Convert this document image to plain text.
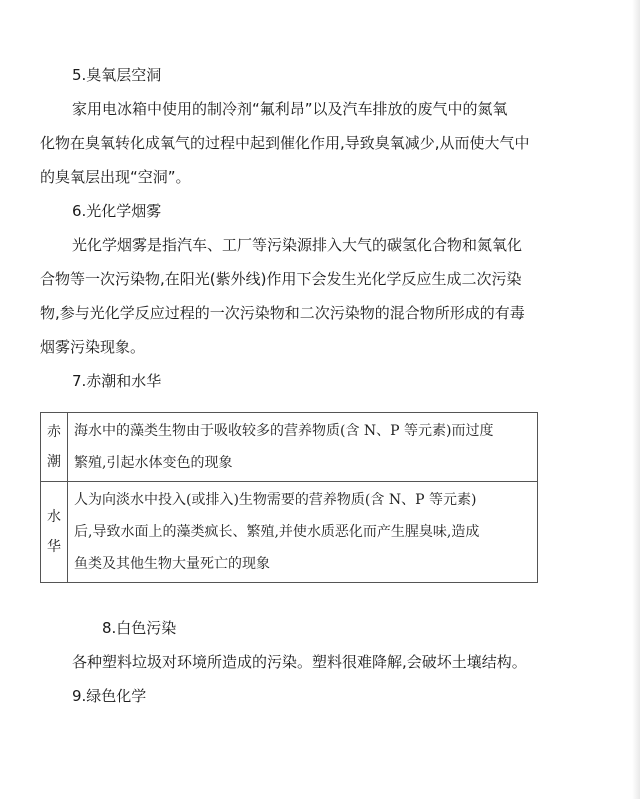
5.臭氧层空洞
家用电冰箱中使用的制冷剂“氟利昂”以及汽车排放的废气中的氮氧
化物在臭氧转化成氧气的过程中起到催化作用,导致臭氧减少,从而使大气中
的臭氧层出现“空洞”。
6.光化学烟雾
光化学烟雾是指汽车、工厂等污染源排入大气的碳氢化合物和氮氧化
合物等一次污染物,在阳光(紫外线)作用下会发生光化学反应生成二次污染
物,参与光化学反应过程的一次污染物和二次污染物的混合物所形成的有毒
烟雾污染现象。
7.赤潮和水华
赤
潮	海水中的藻类生物由于吸收较多的营养物质(含 N、P 等元素)而过度
繁殖,引起水体变色的现象

水
华	人为向淡水中投入(或排入)生物需要的营养物质(含 N、P 等元素)
后,导致水面上的藻类疯长、繁殖,并使水质恶化而产生腥臭味,造成
鱼类及其他生物大量死亡的现象
8.白色污染
各种塑料垃圾对环境所造成的污染。塑料很难降解,会破坏土壤结构。
9.绿色化学
